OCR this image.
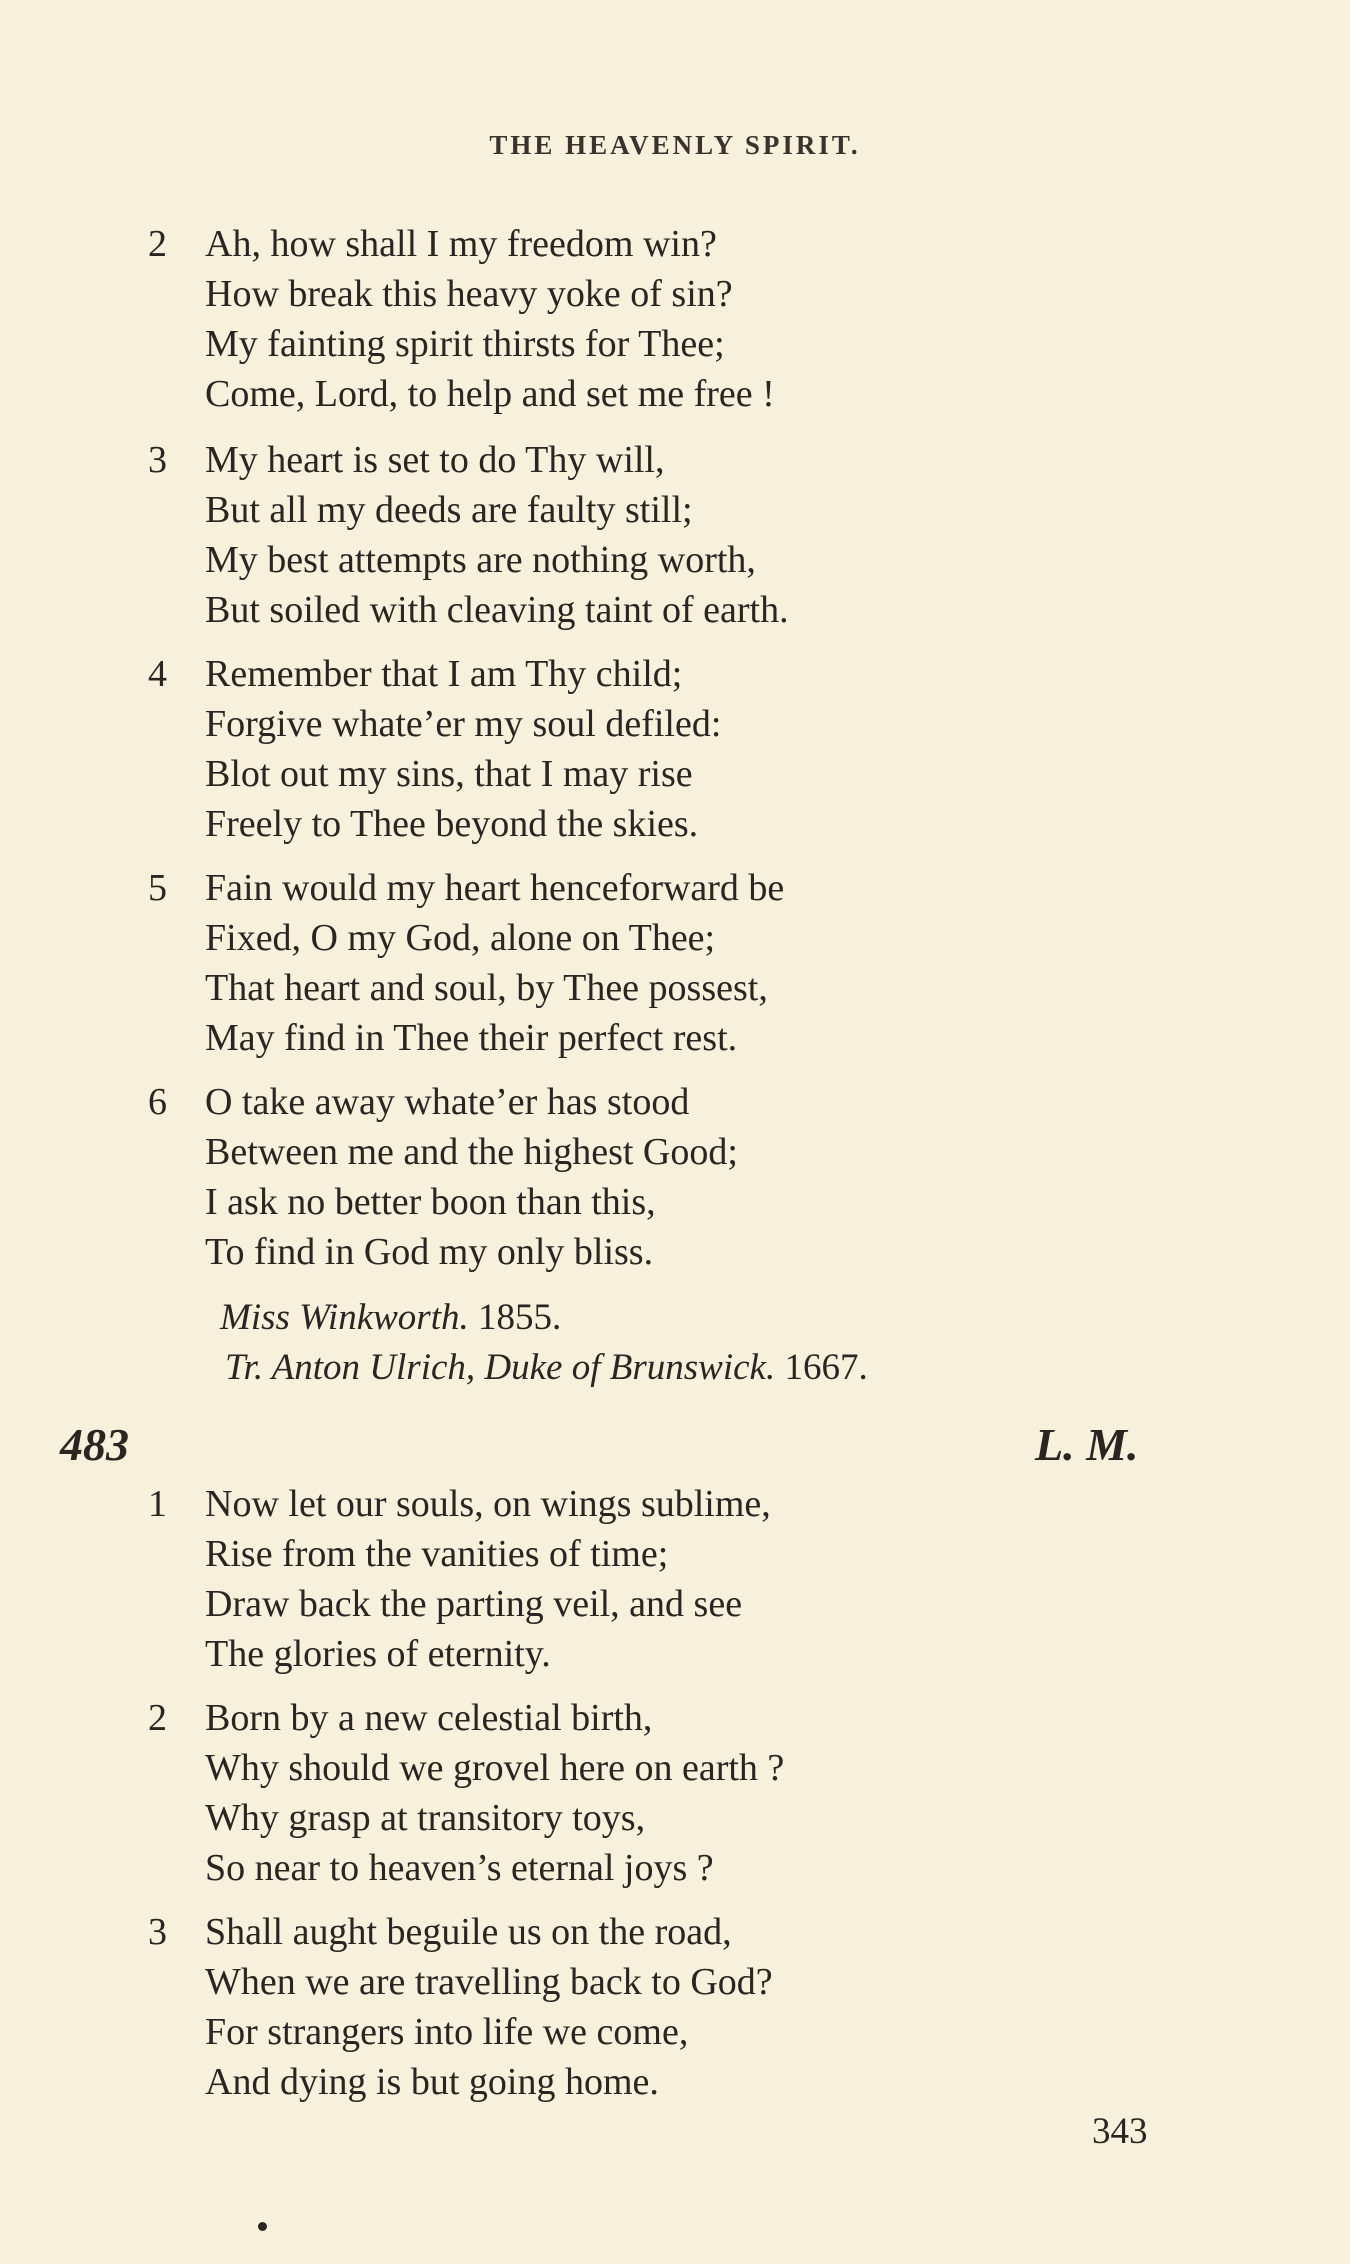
THE HEAVENLY SPIRIT.
2 Ah, how shall I my freedom win?
How break this heavy yoke of sin?
My fainting spirit thirsts for Thee;
Come, Lord, to help and set me free !
3 My heart is set to do Thy will,
But all my deeds are faulty still;
My best attempts are nothing worth,
But soiled with cleaving taint of earth.
4 Remember that I am Thy child;
Forgive whate’er my soul defiled:
Blot out my sins, that I may rise
Freely to Thee beyond the skies.
5 Fain would my heart henceforward be
Fixed, O my God, alone on Thee;
That heart and soul, by Thee possest,
May find in Thee their perfect rest.
6 O take away whate’er has stood
Between me and the highest Good;
I ask no better boon than this,
To find in God my only bliss.
Miss Winkworth. 1855.
Tr. Anton Ulrich, Duke of Brunswick. 1667.
483	L. M.
1 Now let our souls, on wings sublime,
Rise from the vanities of time;
Draw back the parting veil, and see
The glories of eternity.
2 Born by a new celestial birth,
Why should we grovel here on earth ?
Why grasp at transitory toys,
So near to heaven’s eternal joys ?
3 Shall aught beguile us on the road,
When we are travelling back to God?
For strangers into life we come,
And dying is but going home.
343
